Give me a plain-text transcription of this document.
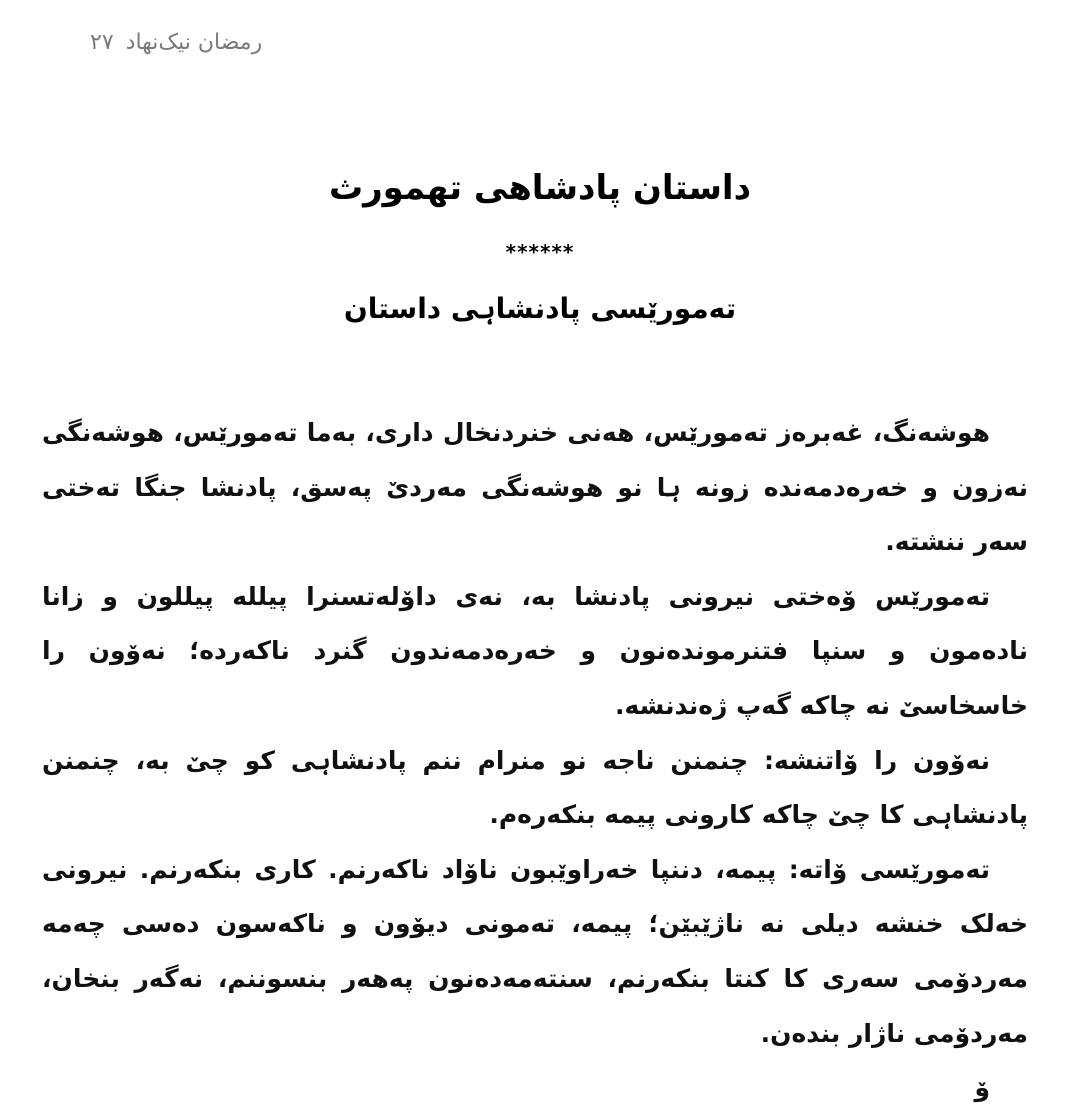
رمضان نیک‌نهاد۲۷
داستان پادشاهی تهمورث
******
تەمورێسی پادنشاہی داستان

هوشەنگ، غەبرەز تەمورێس، هەنی خنردنخال داری، بەما تەمورێس، هوشەنگی نەزون و خەرەدمەندە زونە ہا نو هوشەنگی مەردێ پەسق، پادنشا جنگا تەختی سەر ننشته.

تەمورێس ۆەختی نیرونی پادنشا بە، نەی داۆلەتسنرا پیللە پیللون و زانا نادەمون و سنپا فتنرموندەنون و خەرەدمەندون گنرد ناکەردە؛ نەۆون را خاسخاسێ نە چاکە گەپ ژەندنشه.

نەۆون را ۆاتنشه: چنمنن ناجە نو منرام ننم پادنشاہی کو چێ بە، چنمنن پادنشاہی کا چێ چاکە کارونی پیمە بنکەرەم.

تەمورێسی ۆاتە: پیمە، دننپا خەراوێبون ناۆاد ناکەرنم. کاری بنکەرنم. نیرونی خەلک خنشە دیلی نە ناژێبێن؛ پیمە، تەمونی دیۆون و ناکەسون دەسی چەمە مەردۆمی سەری کا کنتا بنکەرنم، سنتەمەدەنون پەهەر بنسوننم، نەگەر بنخان، مەردۆمی ناژار بندەن.

ۆ
